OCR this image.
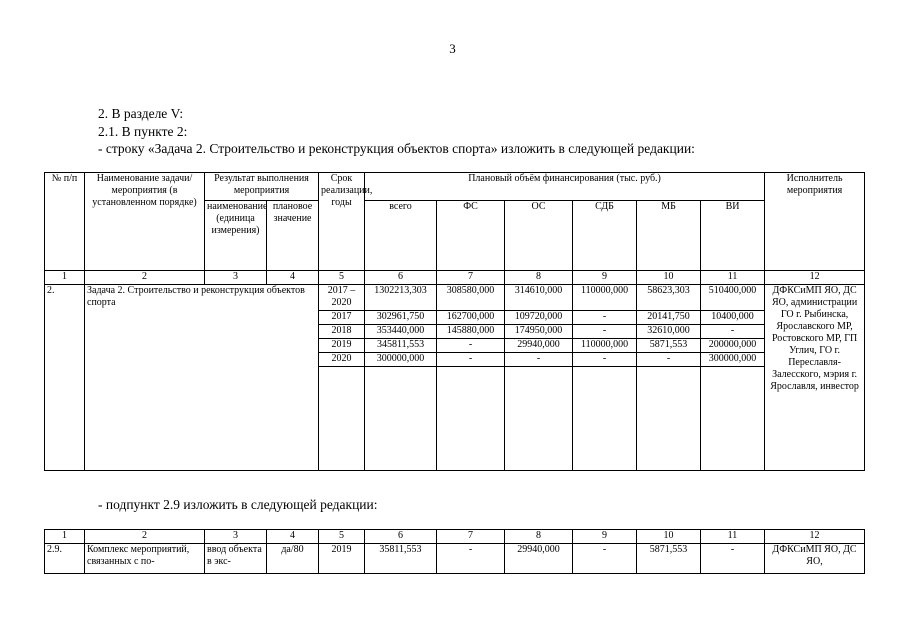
3
2. В разделе V:
2.1. В пункте 2:
- строку «Задача 2. Строительство и реконструкция объектов спорта» изложить в следующей редакции:
№ п/п	Наименование задачи/ мероприятия (в установленном порядке)	Результат выполнения мероприятия		Срок реализации, годы	Плановый объём финансирования (тыс. руб.)						Исполнитель мероприятия
		наименование (единица измерения)	плановое значение		всего	ФС	ОС	СДБ	МБ	ВИ	
1	2	3	4	5	6	7	8	9	10	11	12
2.	Задача 2. Строительство и реконструкция объектов спорта			2017 – 2020	1302213,303	308580,000	314610,000	110000,000	58623,303	510400,000	ДФКСиМП ЯО, ДС ЯО, администрации ГО г. Рыбинска, Ярославского МР, Ростовского МР, ГП Углич, ГО г. Переславля-Залесского, мэрия г. Ярославля, инвестор
				2017	302961,750	162700,000	109720,000	-	20141,750	10400,000	
				2018	353440,000	145880,000	174950,000	-	32610,000	-	
				2019	345811,553	-	29940,000	110000,000	5871,553	200000,000	
				2020	300000,000	-	-	-	-	300000,000	

- подпункт 2.9 изложить в следующей редакции:
1	2	3	4	5	6	7	8	9	10	11	12
2.9.	Комплекс мероприятий, связанных с по-	ввод объекта в экс-	да/80	2019	35811,553	-	29940,000	-	5871,553	-	ДФКСиМП ЯО, ДС ЯО,
